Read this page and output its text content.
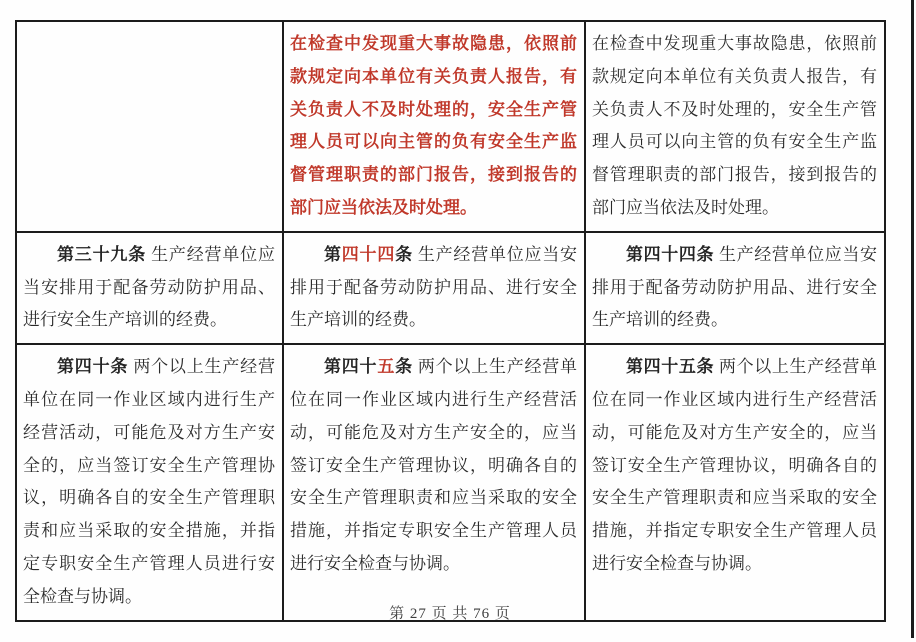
	在检查中发现重大事故隐患，依照前款规定向本单位有关负责人报告，有关负责人不及时处理的，安全生产管理人员可以向主管的负有安全生产监督管理职责的部门报告，接到报告的部门应当依法及时处理。	在检查中发现重大事故隐患，依照前款规定向本单位有关负责人报告，有关负责人不及时处理的，安全生产管理人员可以向主管的负有安全生产监督管理职责的部门报告，接到报告的部门应当依法及时处理。

第三十九条 生产经营单位应当安排用于配备劳动防护用品、进行安全生产培训的经费。	第四十四条 生产经营单位应当安排用于配备劳动防护用品、进行安全生产培训的经费。	第四十四条 生产经营单位应当安排用于配备劳动防护用品、进行安全生产培训的经费。

第四十条 两个以上生产经营单位在同一作业区域内进行生产经营活动，可能危及对方生产安全的，应当签订安全生产管理协议，明确各自的安全生产管理职责和应当采取的安全措施，并指定专职安全生产管理人员进行安全检查与协调。	第四十五条 两个以上生产经营单位在同一作业区域内进行生产经营活动，可能危及对方生产安全的，应当签订安全生产管理协议，明确各自的安全生产管理职责和应当采取的安全措施，并指定专职安全生产管理人员进行安全检查与协调。	第四十五条 两个以上生产经营单位在同一作业区域内进行生产经营活动，可能危及对方生产安全的，应当签订安全生产管理协议，明确各自的安全生产管理职责和应当采取的安全措施，并指定专职安全生产管理人员进行安全检查与协调。

第 27 页 共 76 页
